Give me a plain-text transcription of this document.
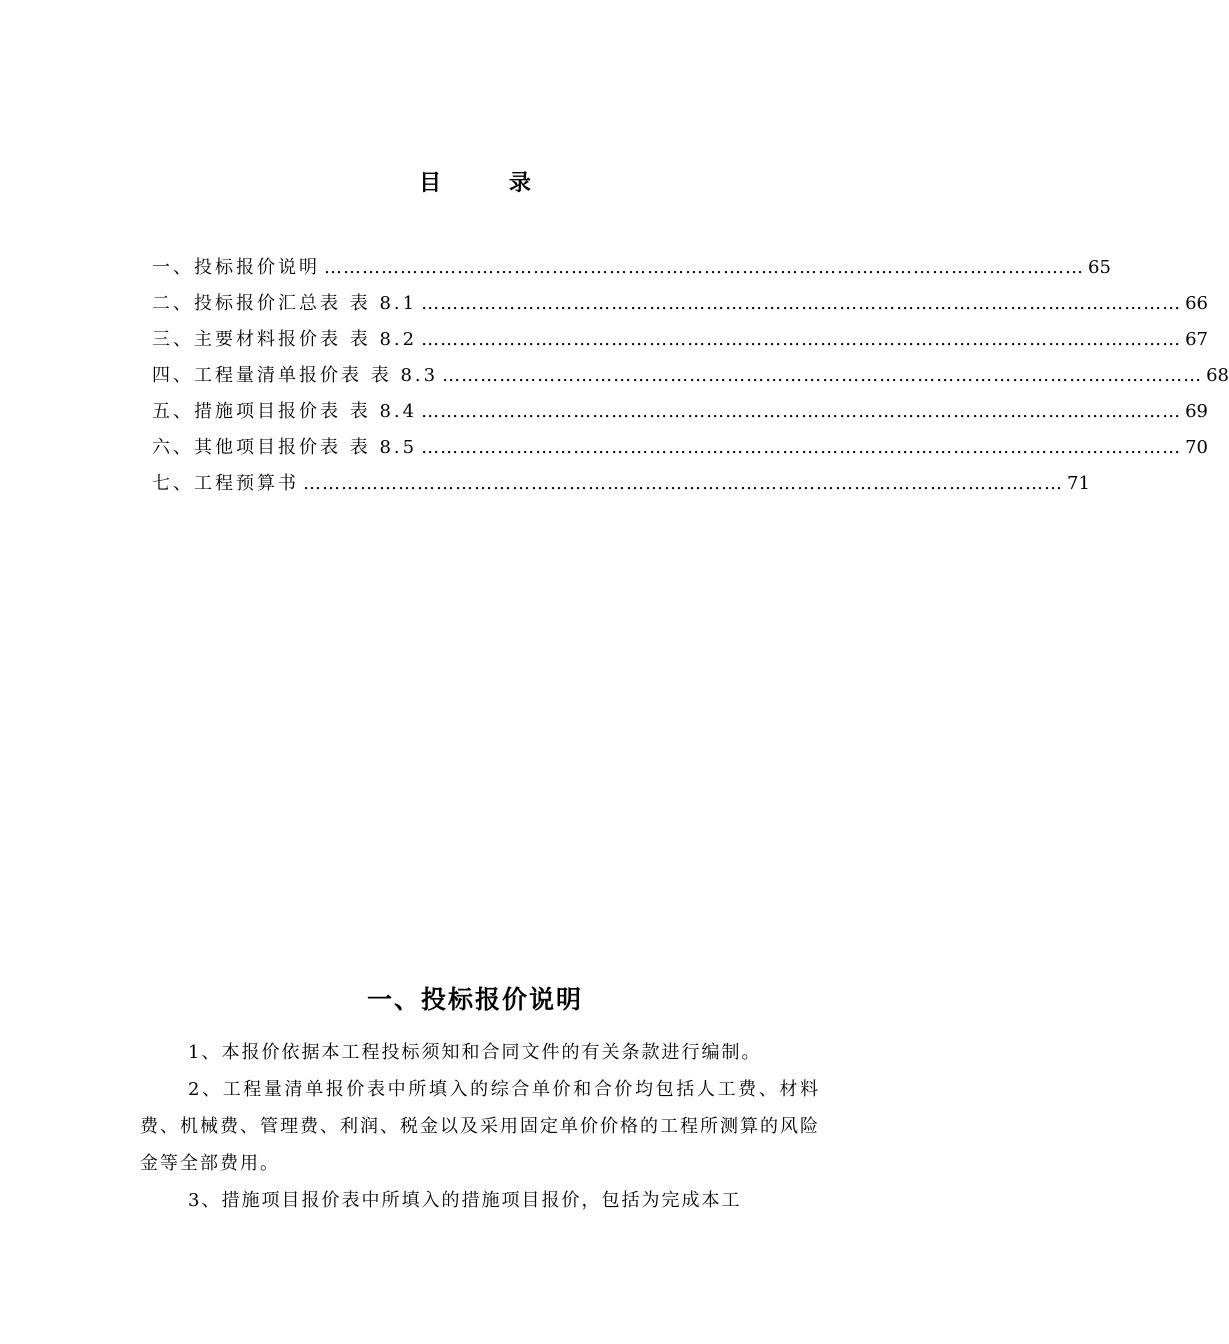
目 录
一、投标报价说明 ………………………………………………………………………………………………………… 65
二、投标报价汇总表 表 8.1 ………………………………………………………………………………………………………… 66
三、主要材料报价表 表 8.2 ………………………………………………………………………………………………………… 67
四、工程量清单报价表 表 8.3 ………………………………………………………………………………………………………… 68
五、措施项目报价表 表 8.4 ………………………………………………………………………………………………………… 69
六、其他项目报价表 表 8.5 ………………………………………………………………………………………………………… 70
七、工程预算书 ………………………………………………………………………………………………………… 71
一、投标报价说明

1、本报价依据本工程投标须知和合同文件的有关条款进行编制。

2、工程量清单报价表中所填入的综合单价和合价均包括人工费、材料费、机械费、管理费、利润、税金以及采用固定单价价格的工程所测算的风险金等全部费用。

3、措施项目报价表中所填入的措施项目报价，包括为完成本工
